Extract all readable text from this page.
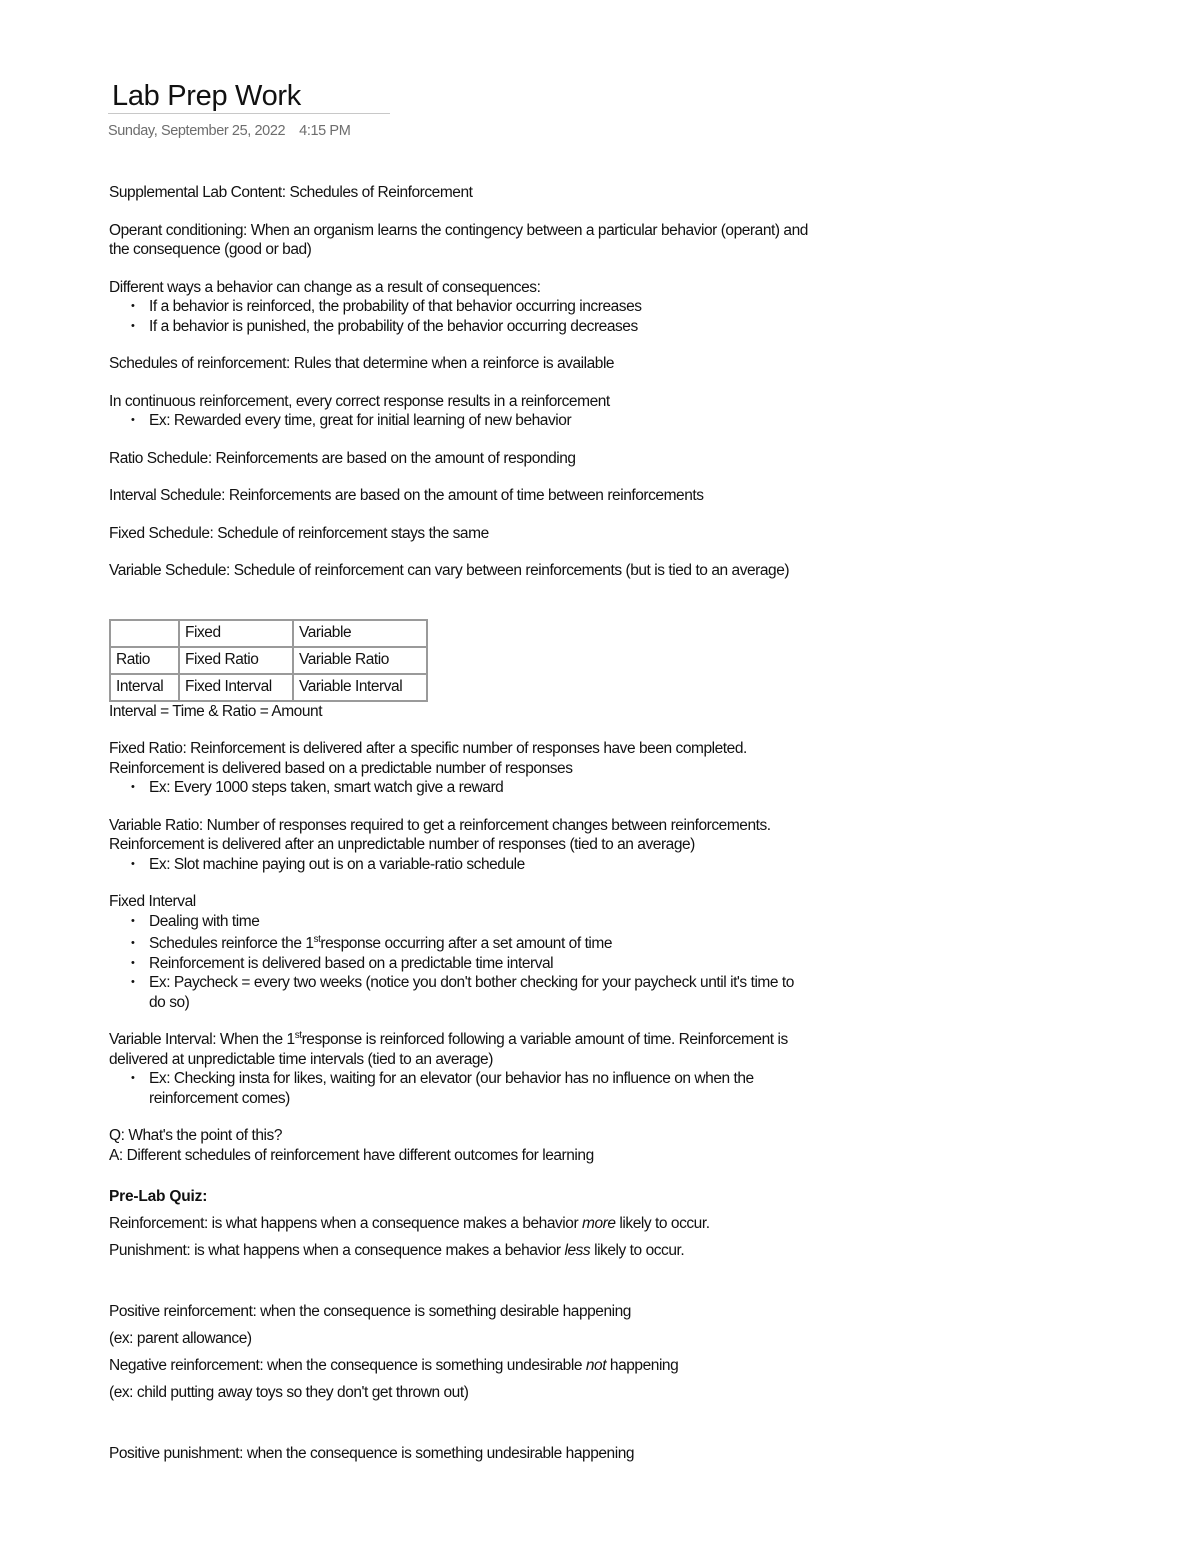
Lab Prep Work
Sunday, September 25, 2022 4:15 PM

Supplemental Lab Content: Schedules of Reinforcement

Operant conditioning: When an organism learns the contingency between a particular behavior (operant) and the consequence (good or bad)

Different ways a behavior can change as a result of consequences:

• If a behavior is reinforced, the probability of that behavior occurring increases
• If a behavior is punished, the probability of the behavior occurring decreases

Schedules of reinforcement: Rules that determine when a reinforce is available

In continuous reinforcement, every correct response results in a reinforcement

• Ex: Rewarded every time, great for initial learning of new behavior

Ratio Schedule: Reinforcements are based on the amount of responding

Interval Schedule: Reinforcements are based on the amount of time between reinforcements

Fixed Schedule: Schedule of reinforcement stays the same

Variable Schedule: Schedule of reinforcement can vary between reinforcements (but is tied to an average)

	Fixed	Variable
Ratio	Fixed Ratio	Variable Ratio
Interval	Fixed Interval	Variable Interval

Interval = Time & Ratio = Amount

Fixed Ratio: Reinforcement is delivered after a specific number of responses have been completed. Reinforcement is delivered based on a predictable number of responses

• Ex: Every 1000 steps taken, smart watch give a reward

Variable Ratio: Number of responses required to get a reinforcement changes between reinforcements. Reinforcement is delivered after an unpredictable number of responses (tied to an average)

• Ex: Slot machine paying out is on a variable-ratio schedule

Fixed Interval

• Dealing with time
• Schedules reinforce the 1stresponse occurring after a set amount of time
• Reinforcement is delivered based on a predictable time interval
• Ex: Paycheck = every two weeks (notice you don't bother checking for your paycheck until it's time to do so)

Variable Interval: When the 1stresponse is reinforced following a variable amount of time. Reinforcement is delivered at unpredictable time intervals (tied to an average)

• Ex: Checking insta for likes, waiting for an elevator (our behavior has no influence on when the reinforcement comes)

Q: What's the point of this?

A: Different schedules of reinforcement have different outcomes for learning

Pre-Lab Quiz:

Reinforcement: is what happens when a consequence makes a behavior more likely to occur.

Punishment: is what happens when a consequence makes a behavior less likely to occur.

Positive reinforcement: when the consequence is something desirable happening

(ex: parent allowance)

Negative reinforcement: when the consequence is something undesirable not happening

(ex: child putting away toys so they don't get thrown out)

Positive punishment: when the consequence is something undesirable happening
